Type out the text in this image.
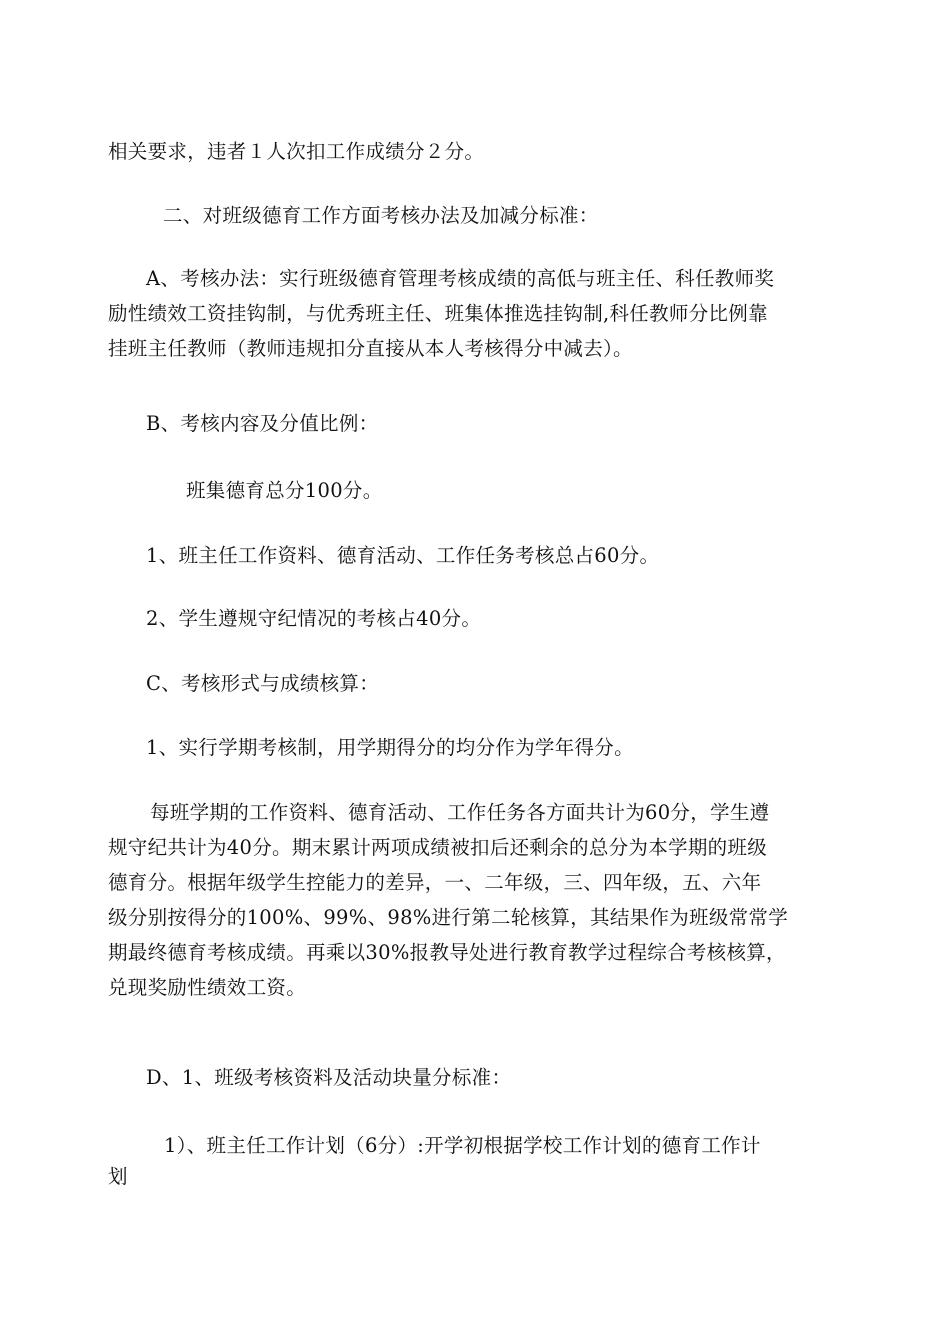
相关要求，违者１人次扣工作成绩分２分。
二、对班级德育工作方面考核办法及加减分标准：
A、考核办法：实行班级德育管理考核成绩的高低与班主任、科任教师奖
励性绩效工资挂钩制，与优秀班主任、班集体推选挂钩制,科任教师分比例靠
挂班主任教师（教师违规扣分直接从本人考核得分中减去）。
B、考核内容及分值比例：
班集德育总分100分。
1、班主任工作资料、德育活动、工作任务考核总占60分。
2、学生遵规守纪情况的考核占40分。
C、考核形式与成绩核算：
1、实行学期考核制，用学期得分的均分作为学年得分。
每班学期的工作资料、德育活动、工作任务各方面共计为60分，学生遵
规守纪共计为40分。期末累计两项成绩被扣后还剩余的总分为本学期的班级
德育分。根据年级学生控能力的差异，一、二年级，三、四年级，五、六年
级分别按得分的100%、99%、98%进行第二轮核算，其结果作为班级常常学
期最终德育考核成绩。再乘以30%报教导处进行教育教学过程综合考核核算，
兑现奖励性绩效工资。
D、1、班级考核资料及活动块量分标准：
1）、班主任工作计划（6分）:开学初根据学校工作计划的德育工作计
划
